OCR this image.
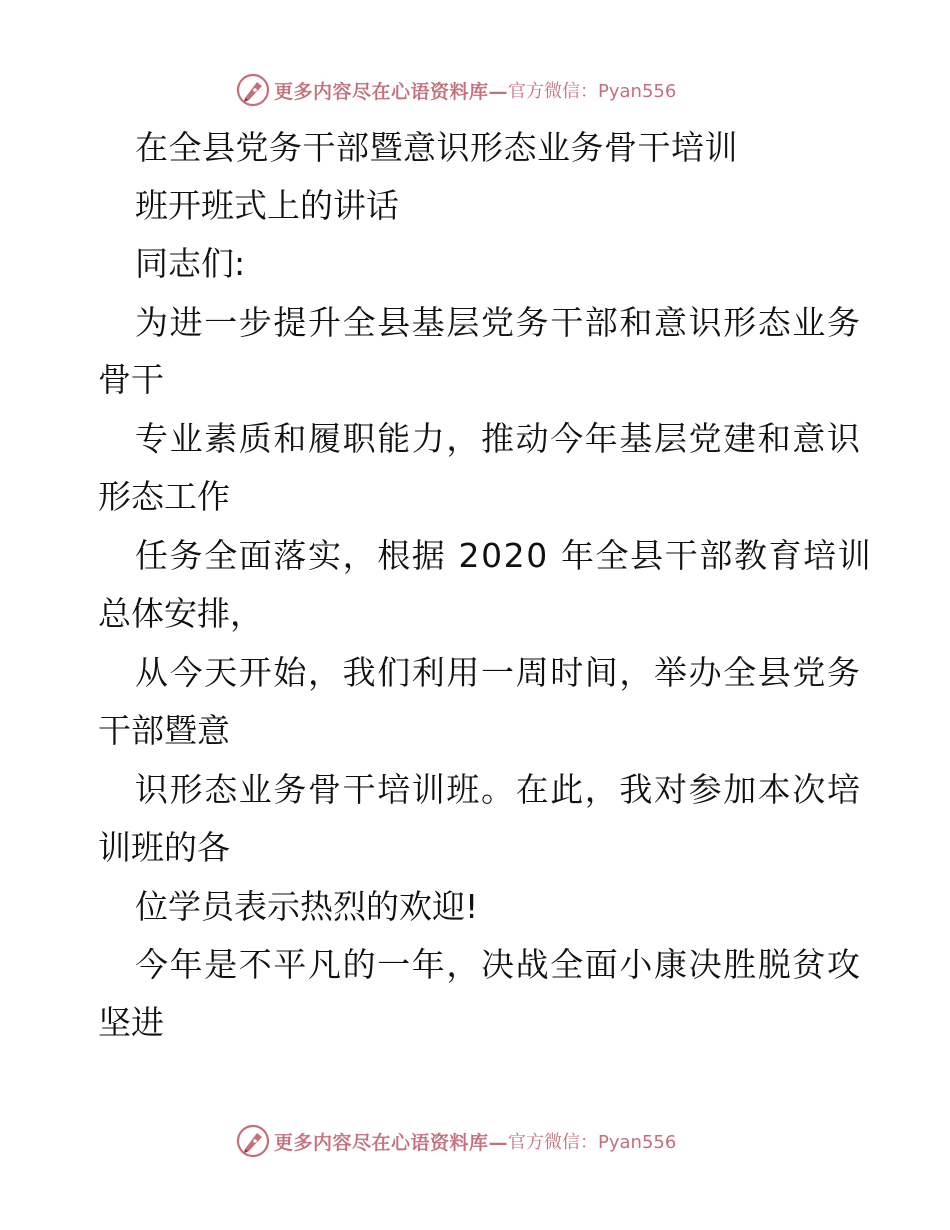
更多内容尽在心语资料库— 官方微信：Pyan556
在全县党务干部暨意识形态业务骨干培训
班开班式上的讲话
同志们:
为进一步提升全县基层党务干部和意识形态业务
骨干
专业素质和履职能力，推动今年基层党建和意识
形态工作
任务全面落实，根据 2020 年全县干部教育培训
总体安排，
从今天开始，我们利用一周时间，举办全县党务
干部暨意
识形态业务骨干培训班。在此，我对参加本次培
训班的各
位学员表示热烈的欢迎!
今年是不平凡的一年，决战全面小康决胜脱贫攻
坚进
更多内容尽在心语资料库— 官方微信：Pyan556
